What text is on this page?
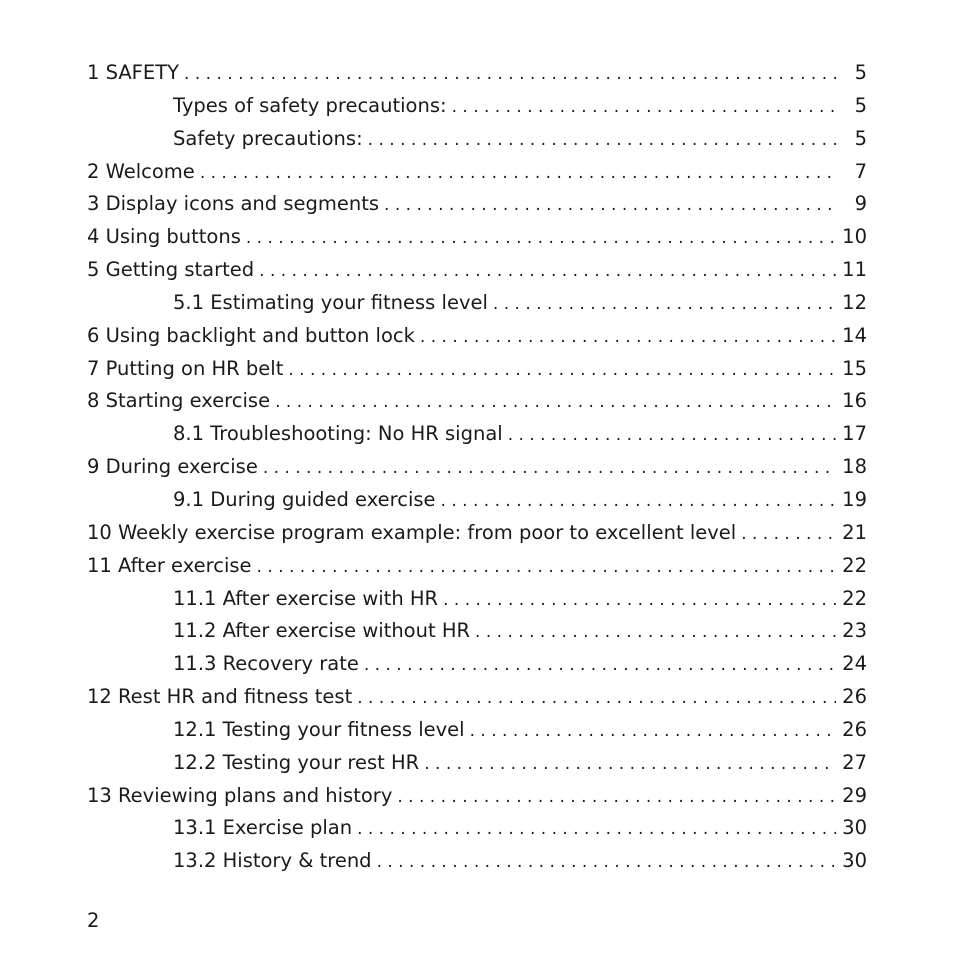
1 SAFETY . . .	5
Types of safety precautions: . . .	5
Safety precautions: . . .	5
2 Welcome . . .	7
3 Display icons and segments . . .	9
4 Using buttons . . .	10
5 Getting started . . .	11
5.1 Estimating your fitness level . . .	12
6 Using backlight and button lock . . .	14
7 Putting on HR belt . . .	15
8 Starting exercise . . .	16
8.1 Troubleshooting: No HR signal . . .	17
9 During exercise . . .	18
9.1 During guided exercise . . .	19
10 Weekly exercise program example: from poor to excellent level . . .	21
11 After exercise . . .	22
11.1 After exercise with HR . . .	22
11.2 After exercise without HR . . .	23
11.3 Recovery rate . . .	24
12 Rest HR and fitness test . . .	26
12.1 Testing your fitness level . . .	26
12.2 Testing your rest HR . . .	27
13 Reviewing plans and history . . .	29
13.1 Exercise plan . . .	30
13.2 History & trend . . .	30
2
